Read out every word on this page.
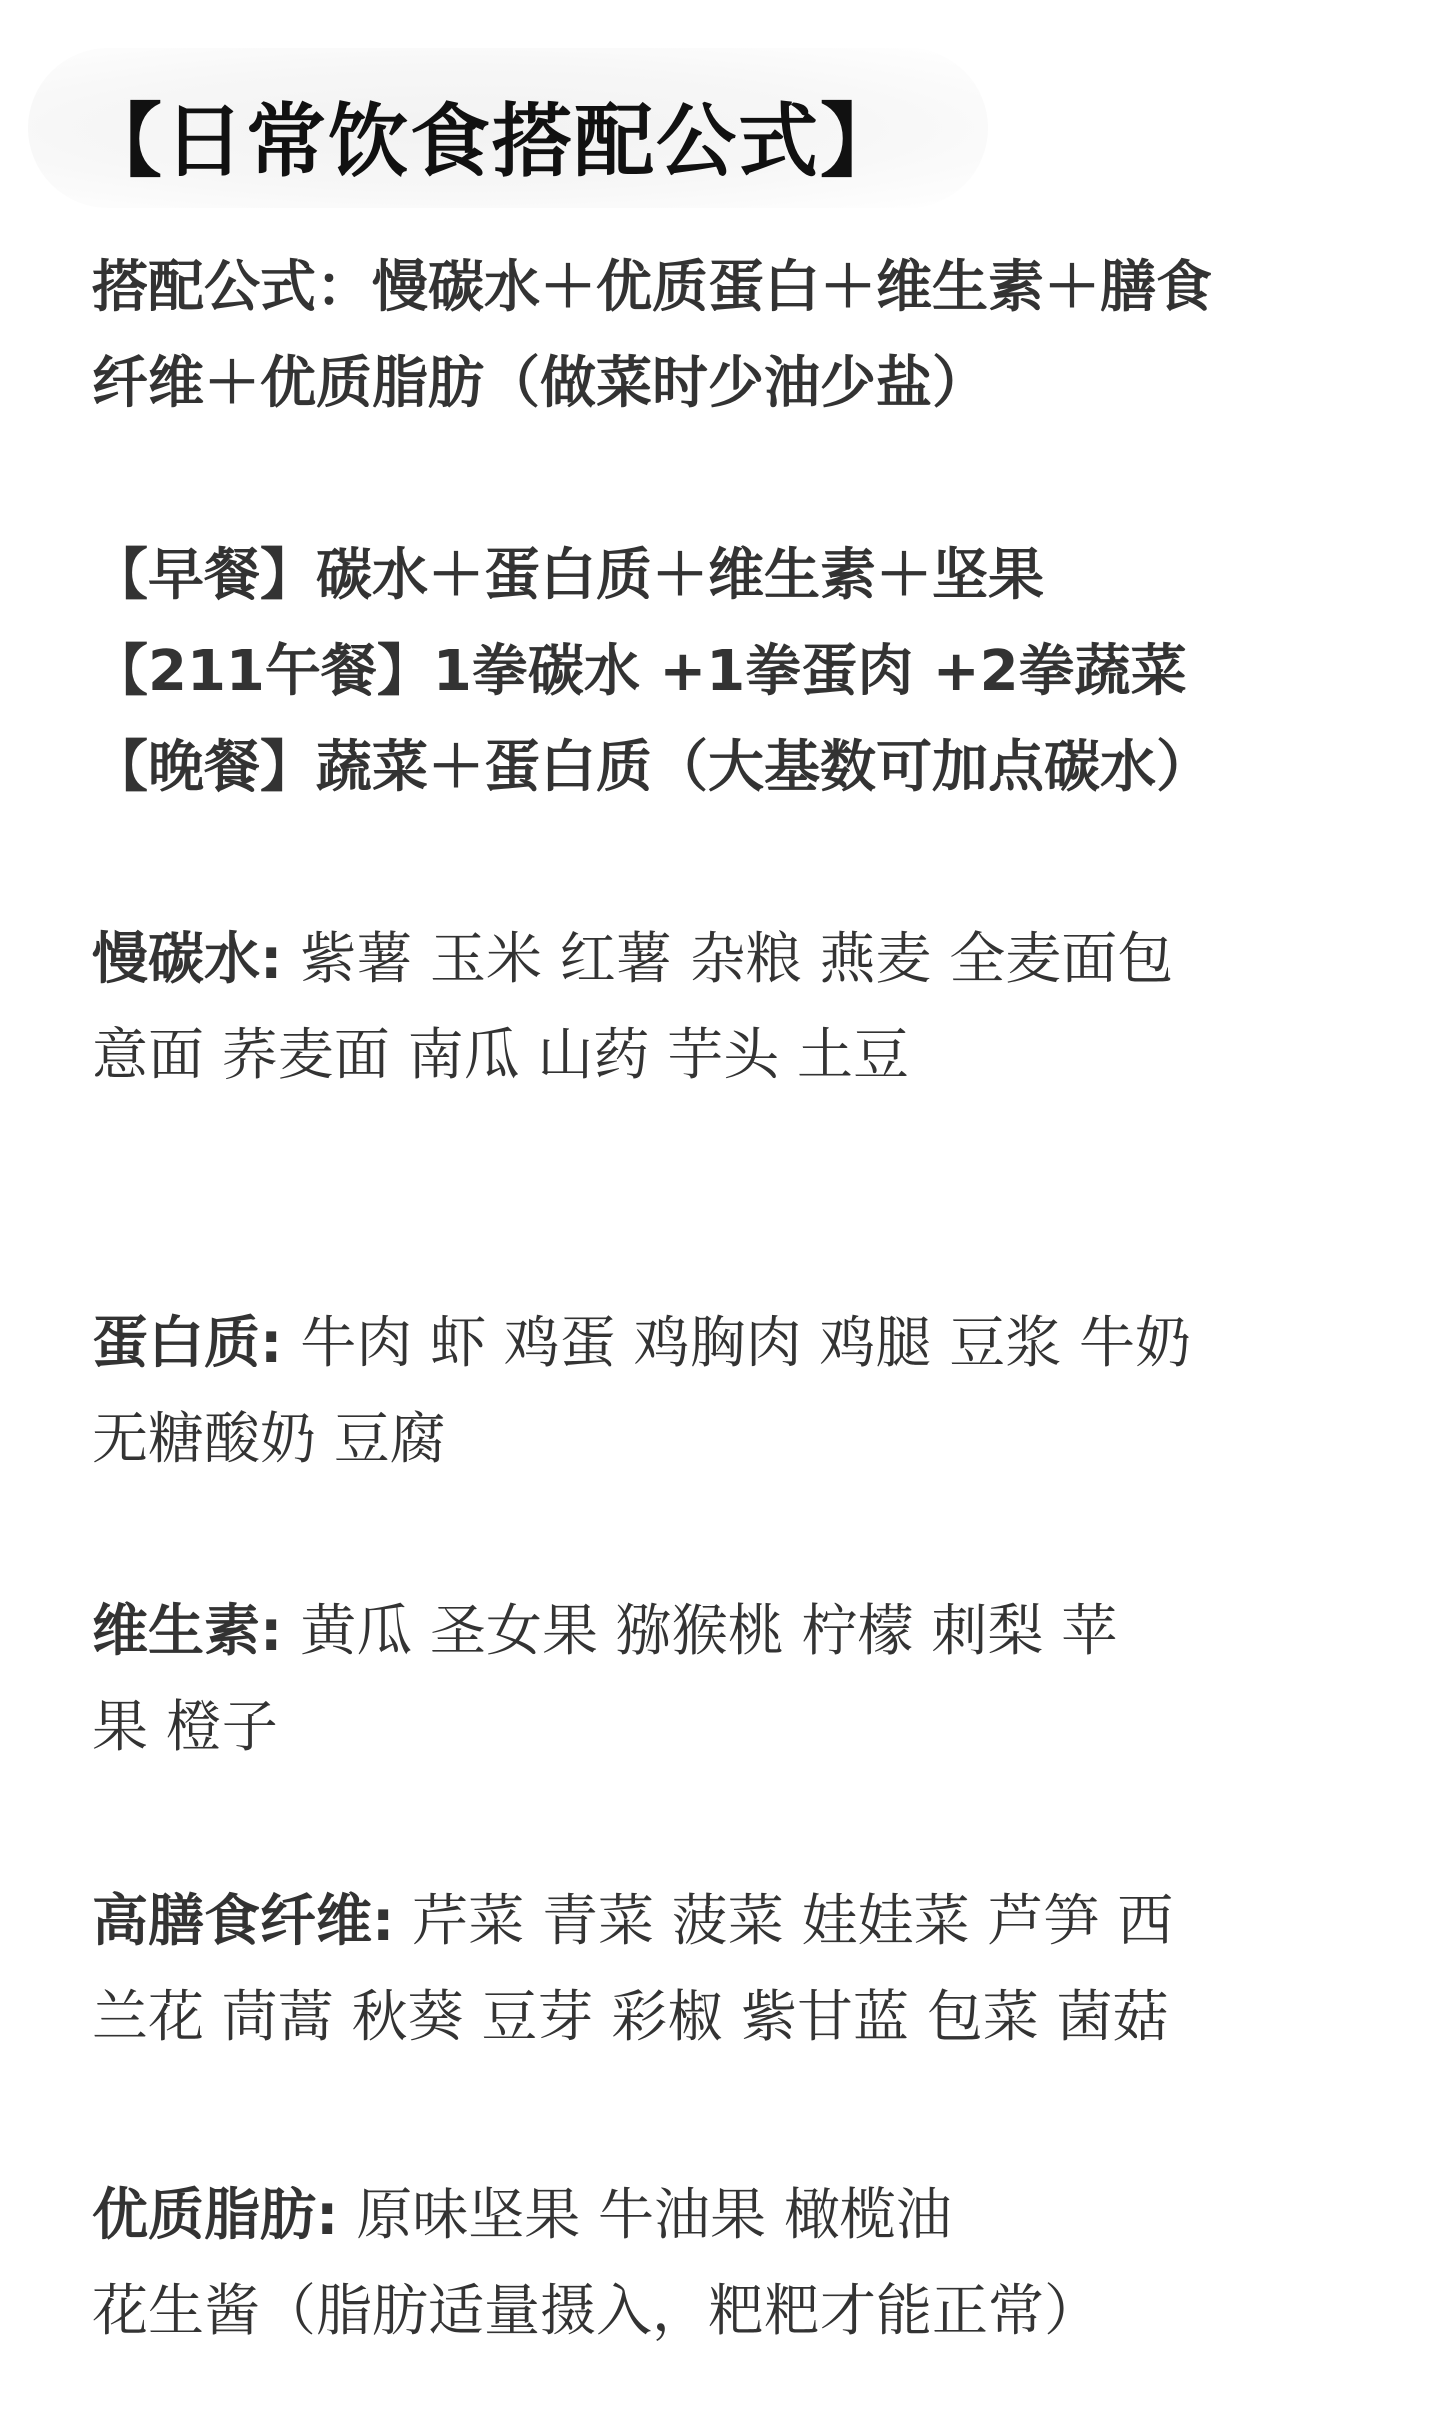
【日常饮食搭配公式】
搭配公式：慢碳水＋优质蛋白＋维生素＋膳食
纤维＋优质脂肪（做菜时少油少盐）
【早餐】碳水＋蛋白质＋维生素＋坚果
【211午餐】1拳碳水 +1拳蛋肉 +2拳蔬菜
【晚餐】蔬菜＋蛋白质（大基数可加点碳水）
慢碳水: 紫薯 玉米 红薯 杂粮 燕麦 全麦面包
意面 荞麦面 南瓜 山药 芋头 土豆
蛋白质: 牛肉 虾 鸡蛋 鸡胸肉 鸡腿 豆浆 牛奶
无糖酸奶 豆腐
维生素: 黄瓜 圣女果 猕猴桃 柠檬 刺梨 苹
果 橙子
高膳食纤维: 芹菜 青菜 菠菜 娃娃菜 芦笋 西
兰花 茼蒿 秋葵 豆芽 彩椒 紫甘蓝 包菜 菌菇
优质脂肪: 原味坚果 牛油果 橄榄油
花生酱（脂肪适量摄入，粑粑才能正常）
